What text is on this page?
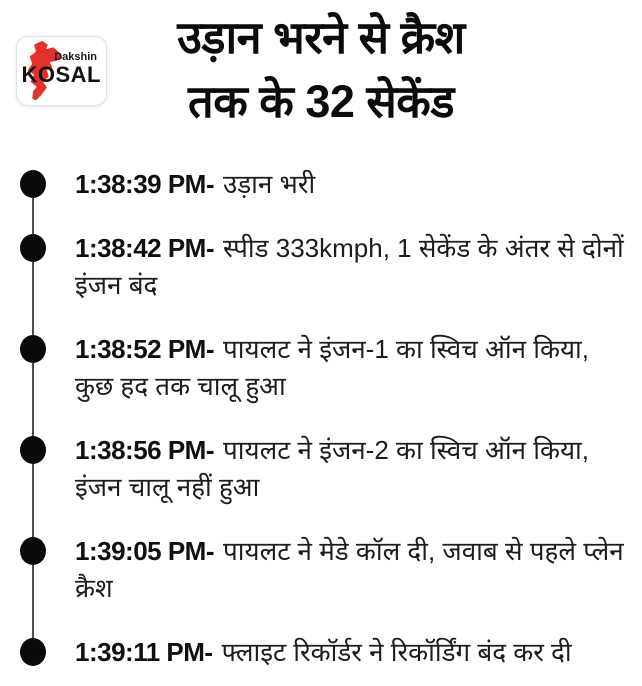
Dakshin
KOSAL
उड़ान भरने से क्रैश
तक के 32 सेकेंड

1:38:39 PM- उड़ान भरी

1:38:42 PM- स्पीड 333kmph, 1 सेकेंड के अंतर से दोनों इंजन बंद

1:38:52 PM- पायलट ने इंजन-1 का स्विच ऑन किया, कुछ हद तक चालू हुआ

1:38:56 PM- पायलट ने इंजन-2 का स्विच ऑन किया, इंजन चालू नहीं हुआ

1:39:05 PM- पायलट ने मेडे कॉल दी, जवाब से पहले प्लेन क्रैश

1:39:11 PM- फ्लाइट रिकॉर्डर ने रिकॉर्डिंग बंद कर दी
